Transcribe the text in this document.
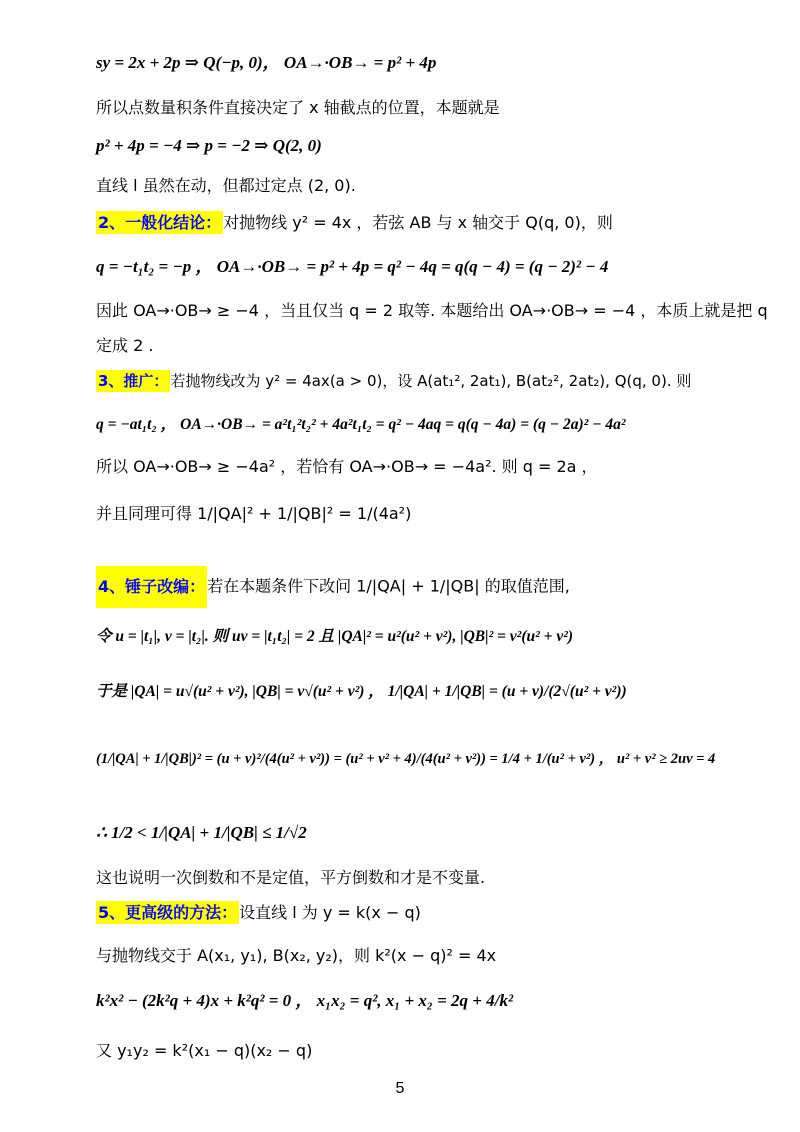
sy = 2x + 2p ⇒ Q(−p, 0)， OA→·OB→ = p² + 4p
所以点数量积条件直接决定了 x 轴截点的位置，本题就是
p² + 4p = −4 ⇒ p = −2 ⇒ Q(2, 0)
直线 l 虽然在动，但都过定点 (2, 0).
2、一般化结论： 对抛物线 y² = 4x ，若弦 AB 与 x 轴交于 Q(q, 0)，则
q = −t₁t₂ = −p ， OA→·OB→ = p² + 4p = q² − 4q = q(q − 4) = (q − 2)² − 4
因此 OA→·OB→ ≥ −4 ，当且仅当 q = 2 取等. 本题给出 OA→·OB→ = −4 ，本质上就是把 q
定成 2 .
3、推广： 若抛物线改为 y² = 4ax(a > 0)，设 A(at₁², 2at₁), B(at₂², 2at₂), Q(q, 0). 则
q = −at₁t₂ ， OA→·OB→ = a²t₁²t₂² + 4a²t₁t₂ = q² − 4aq = q(q − 4a) = (q − 2a)² − 4a²
所以 OA→·OB→ ≥ −4a² ，若恰有 OA→·OB→ = −4a². 则 q = 2a ，
并且同理可得 1/|QA|² + 1/|QB|² = 1/(4a²)
4、锤子改编： 若在本题条件下改问 1/|QA| + 1/|QB| 的取值范围,
令 u = |t₁|, v = |t₂|. 则 uv = |t₁t₂| = 2 且 |QA|² = u²(u² + v²), |QB|² = v²(u² + v²)
于是 |QA| = u√(u² + v²), |QB| = v√(u² + v²) ， 1/|QA| + 1/|QB| = (u + v)/(2√(u² + v²))
(1/|QA| + 1/|QB|)² = (u + v)²/(4(u² + v²)) = (u² + v² + 4)/(4(u² + v²)) = 1/4 + 1/(u² + v²) ， u² + v² ≥ 2uv = 4
∴ 1/2 < 1/|QA| + 1/|QB| ≤ 1/√2
这也说明一次倒数和不是定值，平方倒数和才是不变量.
5、更高级的方法： 设直线 l 为 y = k(x − q)
与抛物线交于 A(x₁, y₁), B(x₂, y₂)，则 k²(x − q)² = 4x
k²x² − (2k²q + 4)x + k²q² = 0 ， x₁x₂ = q², x₁ + x₂ = 2q + 4/k²
又 y₁y₂ = k²(x₁ − q)(x₂ − q)
5
